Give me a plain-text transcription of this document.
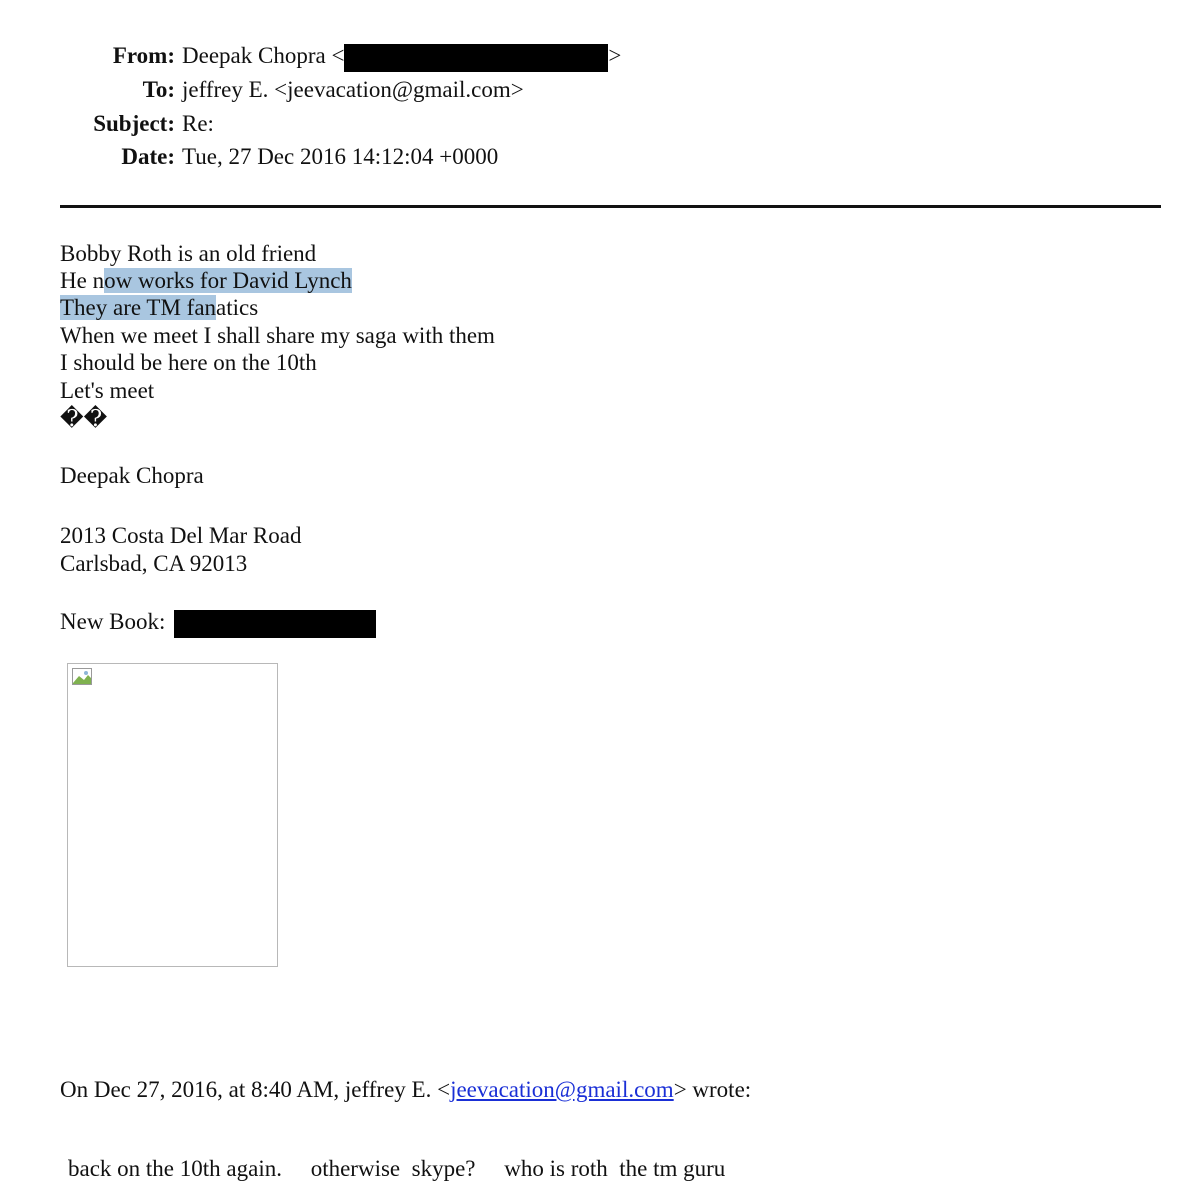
From: Deepak Chopra <	>
To: jeffrey E. <jeevacation@gmail.com>
Subject: Re:
Date: Tue, 27 Dec 2016 14:12:04 +0000
Bobby Roth is an old friend
He now works for David Lynch
They are TM fanatics
When we meet I shall share my saga with them
I should be here on the 10th
Let's meet
��
Deepak Chopra
2013 Costa Del Mar Road
Carlsbad, CA 92013
New Book:
On Dec 27, 2016, at 8:40 AM, jeffrey E. <jeevacation@gmail.com> wrote:
back on the 10th again.     otherwise  skype?     who is roth  the tm guru
